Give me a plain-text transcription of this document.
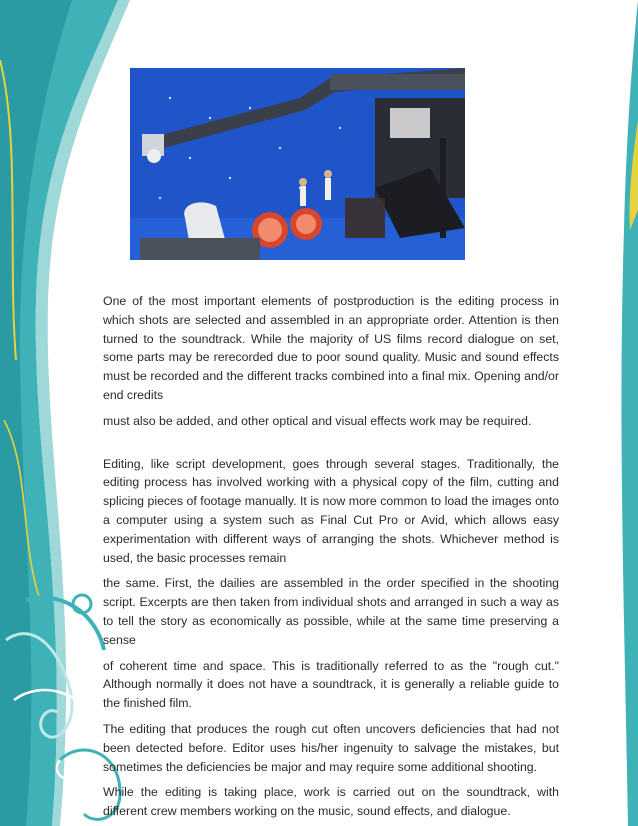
One of the most important elements of postproduction is the editing process in which shots are selected and assembled in an appropriate order. Attention is then turned to the soundtrack. While the majority of US films record dialogue on set, some parts may be rerecorded due to poor sound quality. Music and sound effects must be recorded and the different tracks combined into a final mix. Opening and/or end credits

must also be added, and other optical and visual effects work may be required.

Editing, like script development, goes through several stages. Traditionally, the editing process has involved working with a physical copy of the film, cutting and splicing pieces of footage manually. It is now more common to load the images onto a computer using a system such as Final Cut Pro or Avid, which allows easy experimentation with different ways of arranging the shots. Whichever method is used, the basic processes remain

the same. First, the dailies are assembled in the order specified in the shooting script. Excerpts are then taken from individual shots and arranged in such a way as to tell the story as economically as possible, while at the same time preserving a sense

of coherent time and space. This is traditionally referred to as the "rough cut." Although normally it does not have a soundtrack, it is generally a reliable guide to the finished film.

The editing that produces the rough cut often uncovers deficiencies that had not been detected before. Editor uses his/her ingenuity to salvage the mistakes, but sometimes the deficiencies be major and may require some additional shooting.

While the editing is taking place, work is carried out on the soundtrack, with different crew members working on the music, sound effects, and dialogue.
